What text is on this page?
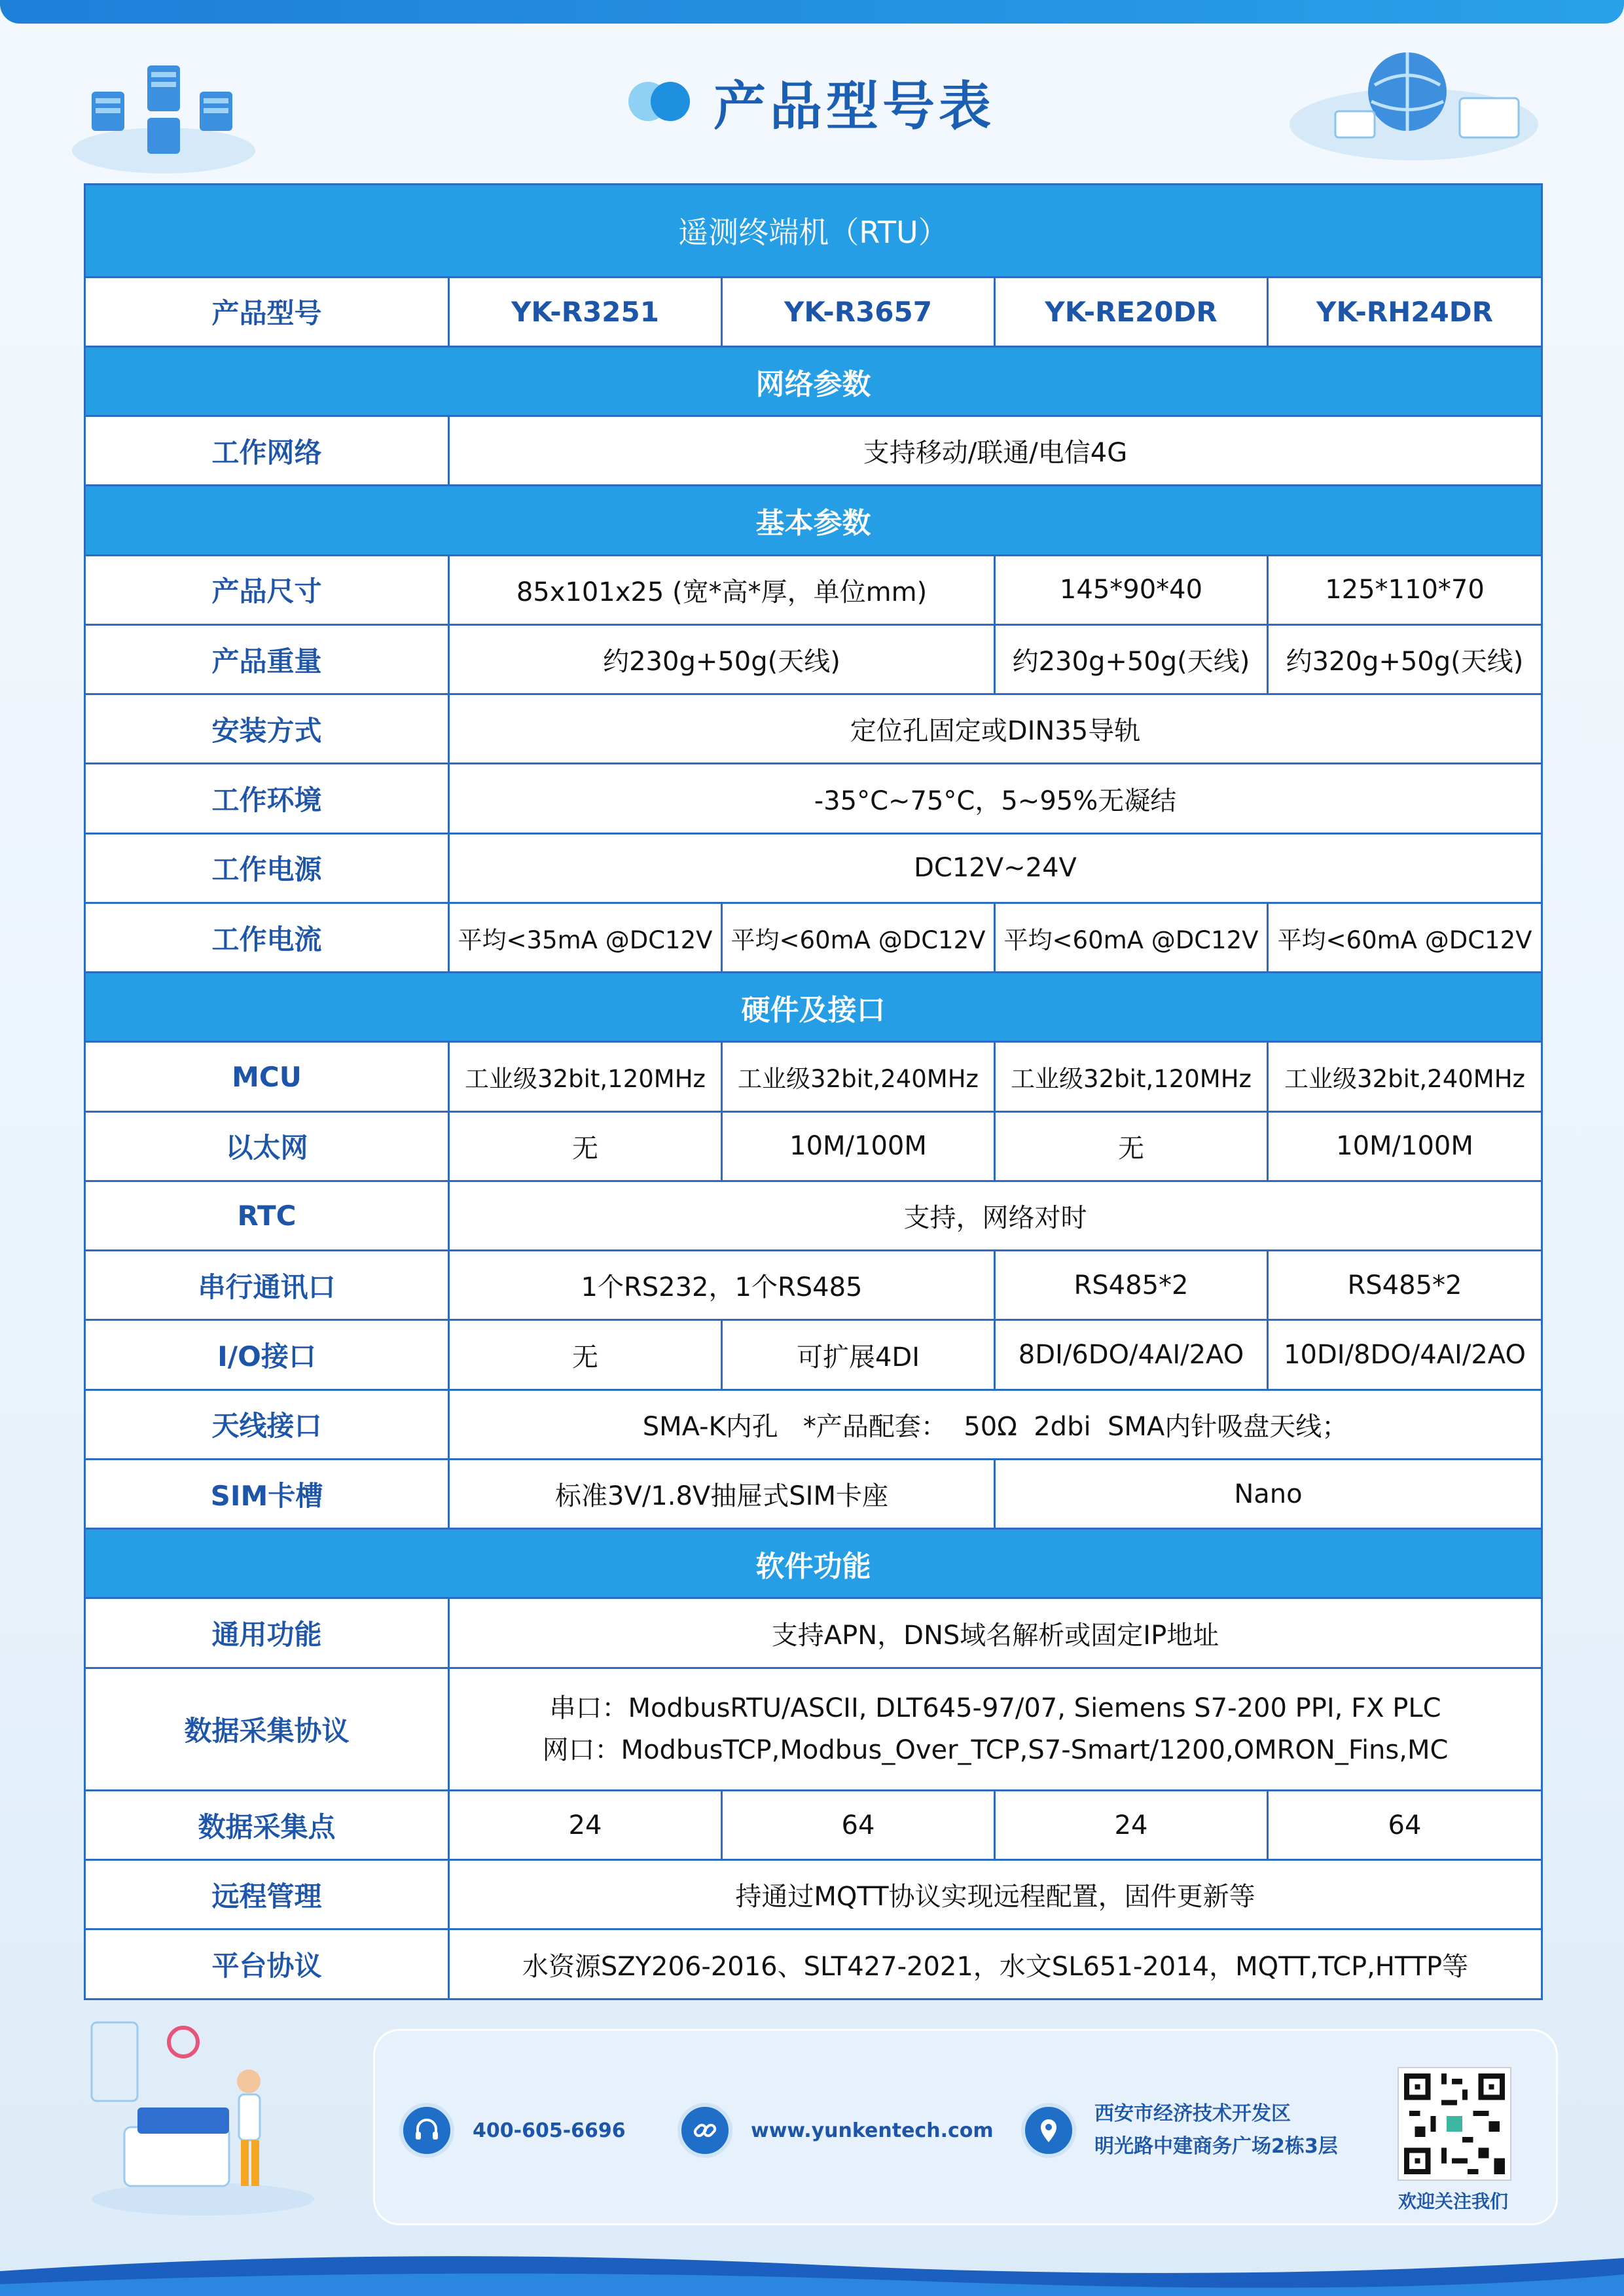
产品型号表
遥测终端机（RTU）				
产品型号	YK-R3251	YK-R3657	YK-RE20DR	YK-RH24DR
网络参数				
工作网络	支持移动/联通/电信4G			
基本参数				
产品尺寸	85x101x25 (宽*高*厚，单位mm)		145*90*40	125*110*70
产品重量	约230g+50g(天线)		约230g+50g(天线)	约320g+50g(天线)
安装方式	定位孔固定或DIN35导轨			
工作环境	-35°C~75°C，5~95%无凝结			
工作电源	DC12V~24V			
工作电流	平均<35mA @DC12V	平均<60mA @DC12V	平均<60mA @DC12V	平均<60mA @DC12V
硬件及接口				
MCU	工业级32bit,120MHz	工业级32bit,240MHz	工业级32bit,120MHz	工业级32bit,240MHz
以太网	无	10M/100M	无	10M/100M
RTC	支持，网络对时			
串行通讯口	1个RS232，1个RS485		RS485*2	RS485*2
I/O接口	无	可扩展4DI	8DI/6DO/4AI/2AO	10DI/8DO/4AI/2AO
天线接口	SMA-K内孔   *产品配套：  50Ω  2dbi  SMA内针吸盘天线；			
SIM卡槽	标准3V/1.8V抽屉式SIM卡座		Nano	
软件功能				
通用功能	支持APN，DNS域名解析或固定IP地址			
数据采集协议	串口：ModbusRTU/ASCII, DLT645-97/07, Siemens S7-200 PPI, FX PLC
网口：ModbusTCP,Modbus_Over_TCP,S7-Smart/1200,OMRON_Fins,MC			

数据采集点	24	64	24	64
远程管理	持通过MQTT协议实现远程配置，固件更新等			
平台协议	水资源SZY206-2016、SLT427-2021，水文SL651-2014，MQTT,TCP,HTTP等			
400-605-6696	www.yunkentech.com
西安市经济技术开发区
明光路中建商务广场2栋3层
欢迎关注我们
